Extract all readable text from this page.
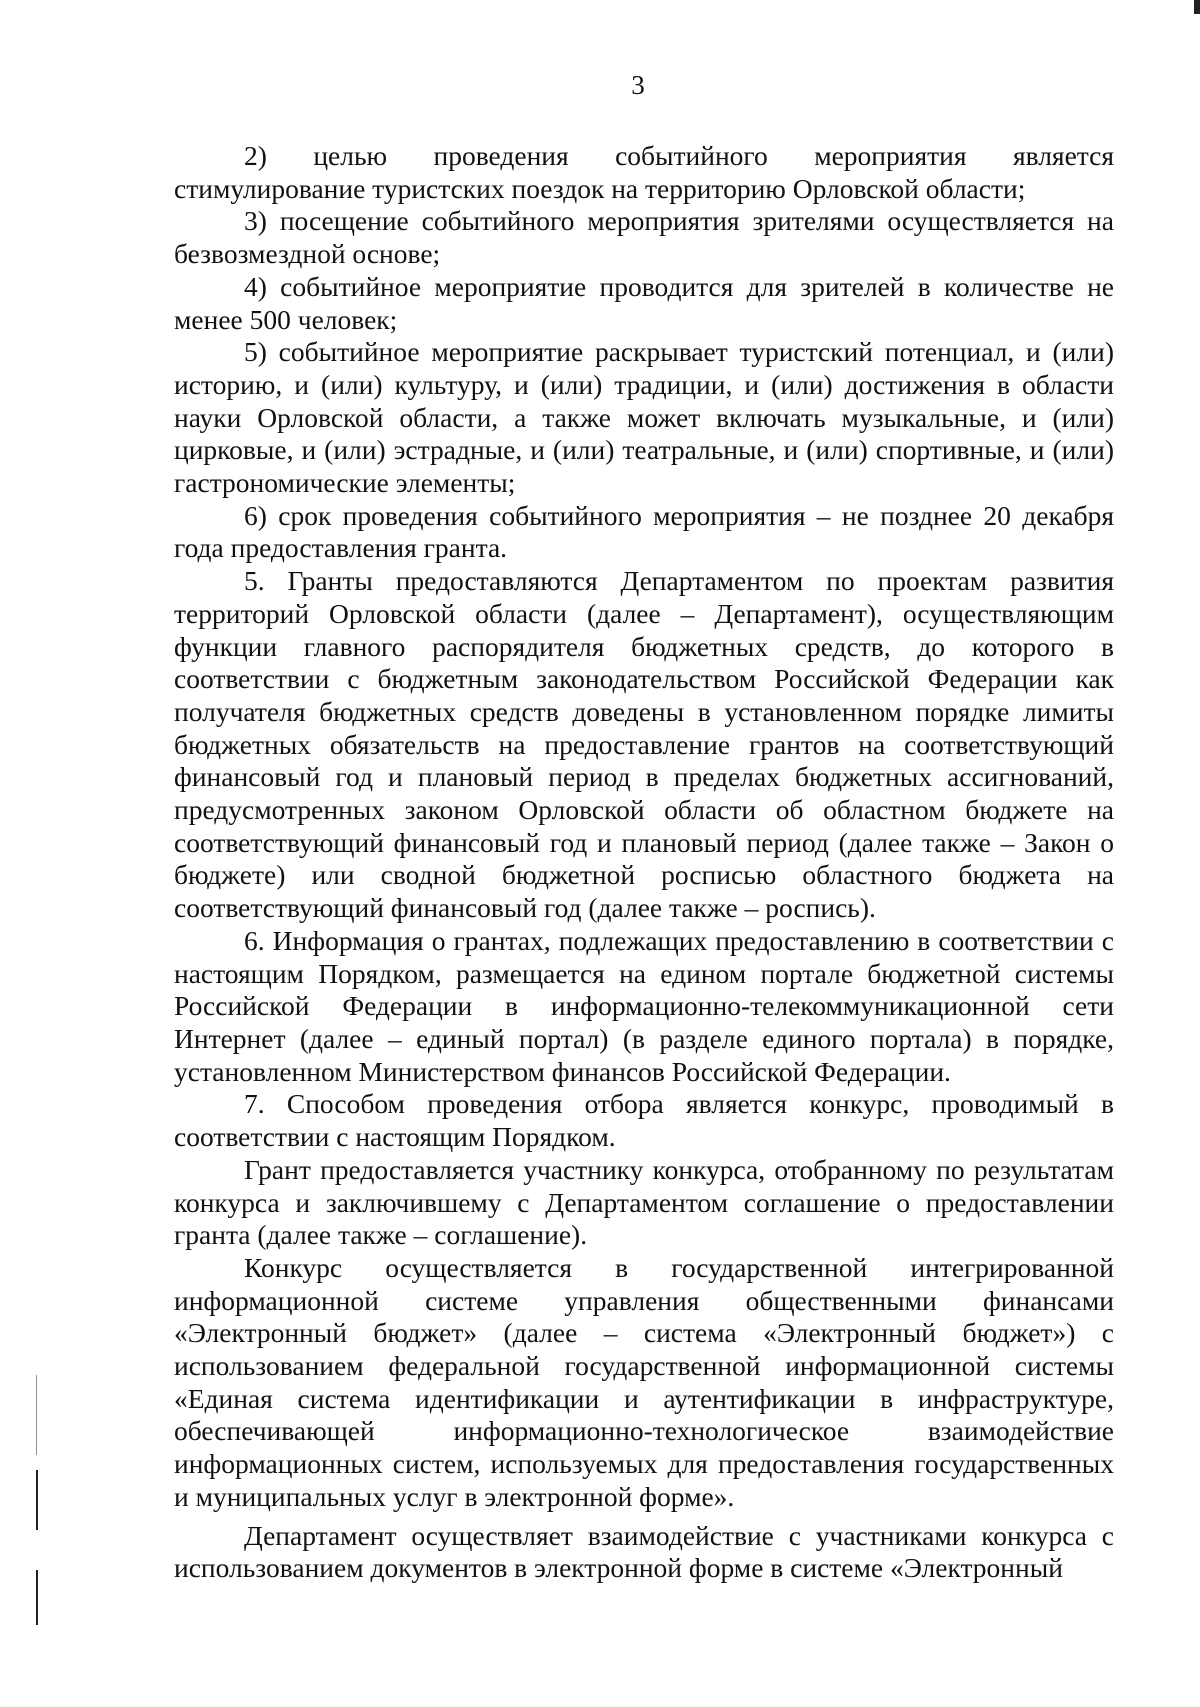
3

2) целью проведения событийного мероприятия является стимулирование туристских поездок на территорию Орловской области;

3) посещение событийного мероприятия зрителями осуществляется на безвозмездной основе;

4) событийное мероприятие проводится для зрителей в количестве не менее 500 человек;

5) событийное мероприятие раскрывает туристский потенциал, и (или) историю, и (или) культуру, и (или) традиции, и (или) достижения в области науки Орловской области, а также может включать музыкальные, и (или) цирковые, и (или) эстрадные, и (или) театральные, и (или) спортивные, и (или) гастрономические элементы;

6) срок проведения событийного мероприятия – не позднее 20 декабря года предоставления гранта.

5. Гранты предоставляются Департаментом по проектам развития территорий Орловской области (далее – Департамент), осуществляющим функции главного распорядителя бюджетных средств, до которого в соответствии с бюджетным законодательством Российской Федерации как получателя бюджетных средств доведены в установленном порядке лимиты бюджетных обязательств на предоставление грантов на соответствующий финансовый год и плановый период в пределах бюджетных ассигнований, предусмотренных законом Орловской области об областном бюджете на соответствующий финансовый год и плановый период (далее также – Закон о бюджете) или сводной бюджетной росписью областного бюджета на соответствующий финансовый год (далее также – роспись).

6. Информация о грантах, подлежащих предоставлению в соответствии с настоящим Порядком, размещается на едином портале бюджетной системы Российской Федерации в информационно-телекоммуникационной сети Интернет (далее – единый портал) (в разделе единого портала) в порядке, установленном Министерством финансов Российской Федерации.

7. Способом проведения отбора является конкурс, проводимый в соответствии с настоящим Порядком.

Грант предоставляется участнику конкурса, отобранному по результатам конкурса и заключившему с Департаментом соглашение о предоставлении гранта (далее также – соглашение).

Конкурс осуществляется в государственной интегрированной информационной системе управления общественными финансами «Электронный бюджет» (далее – система «Электронный бюджет») с использованием федеральной государственной информационной системы «Единая система идентификации и аутентификации в инфраструктуре, обеспечивающей информационно-технологическое взаимодействие информационных систем, используемых для предоставления государственных и муниципальных услуг в электронной форме».

Департамент осуществляет взаимодействие с участниками конкурса с использованием документов в электронной форме в системе «Электронный
